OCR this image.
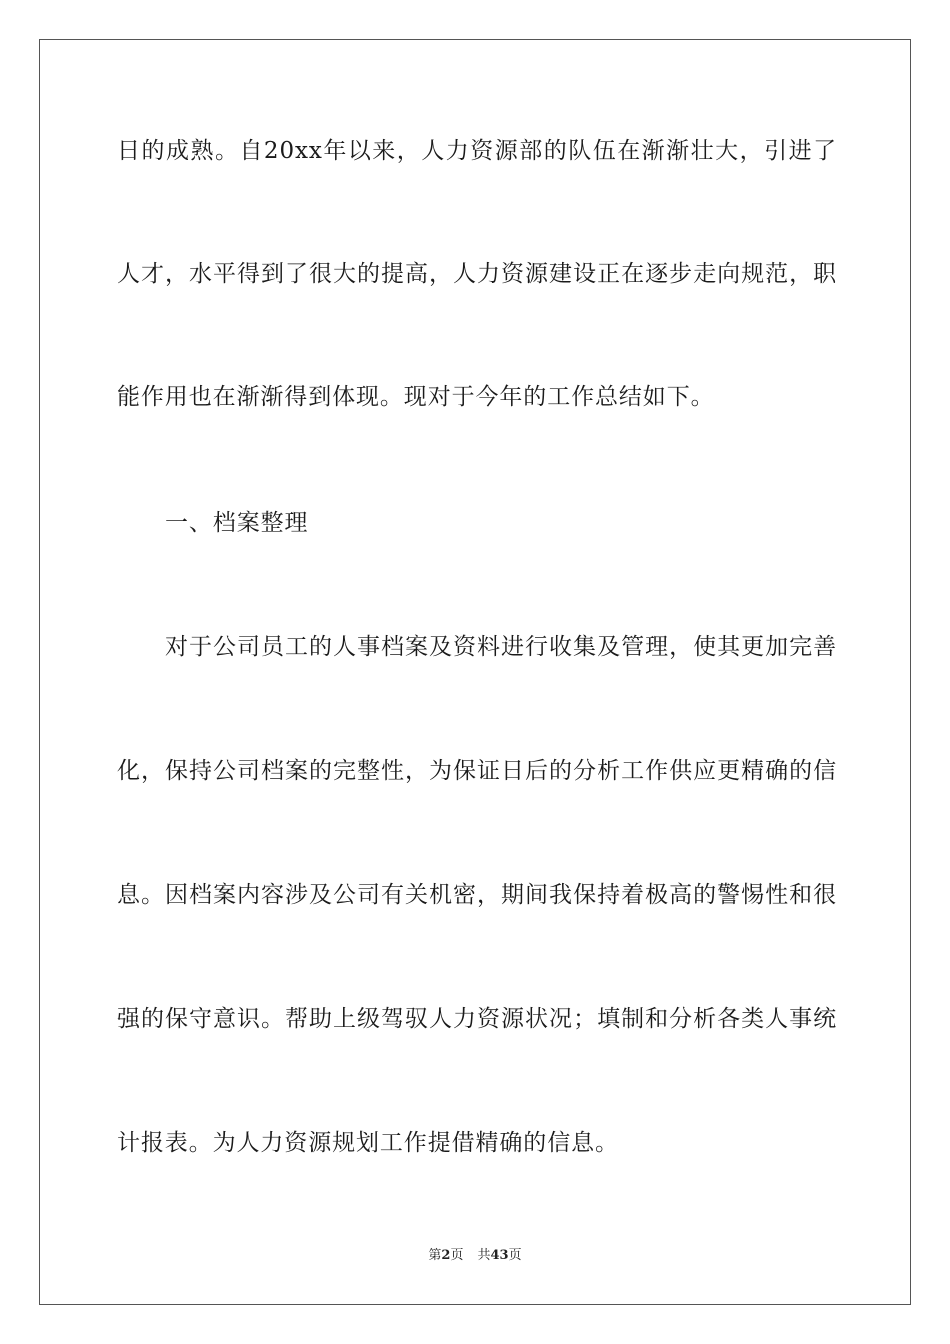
日的成熟。自20xx年以来，人力资源部的队伍在渐渐壮大，引进了
人才，水平得到了很大的提高，人力资源建设正在逐步走向规范，职
能作用也在渐渐得到体现。现对于今年的工作总结如下。
一、档案整理
对于公司员工的人事档案及资料进行收集及管理，使其更加完善
化，保持公司档案的完整性，为保证日后的分析工作供应更精确的信
息。因档案内容涉及公司有关机密，期间我保持着极高的警惕性和很
强的保守意识。帮助上级驾驭人力资源状况；填制和分析各类人事统
计报表。为人力资源规划工作提借精确的信息。
第2页 共43页
